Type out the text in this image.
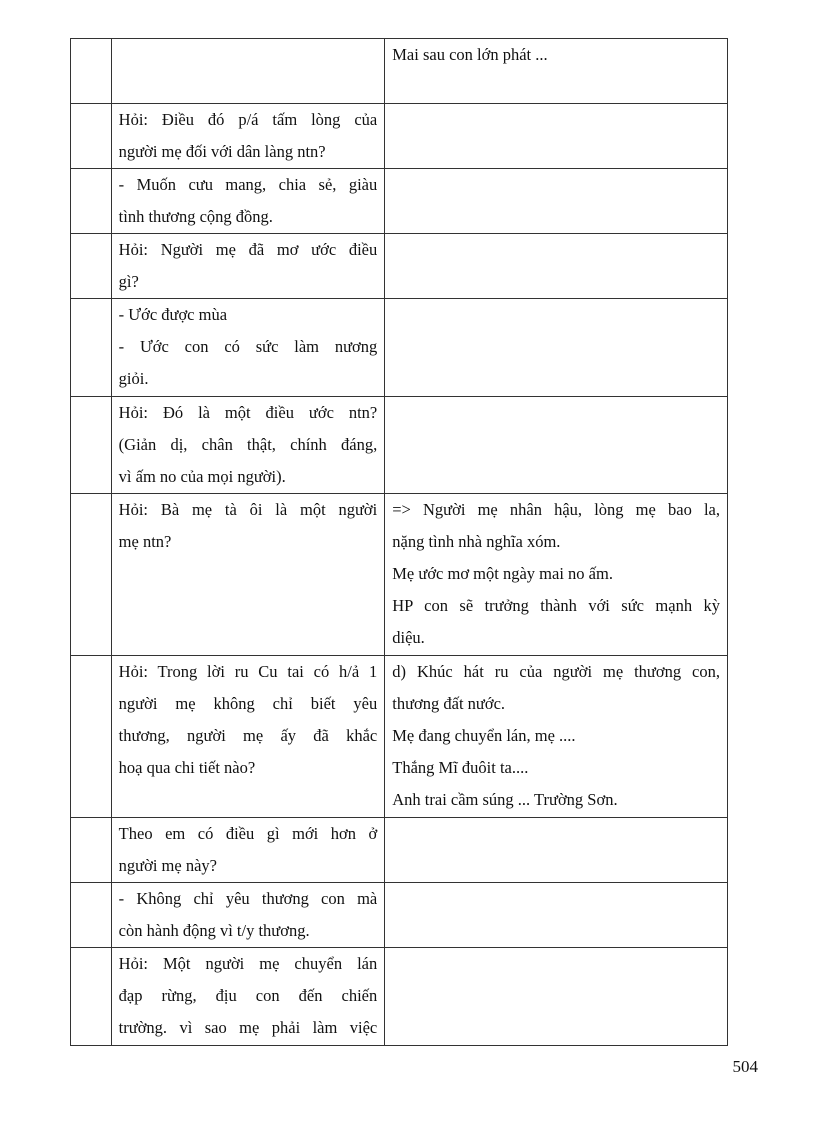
		Mai sau con lớn phát ...

	Hỏi: Điều đó p/á tấm lòng của
người mẹ đối với dân làng ntn?	

	- Muốn cưu mang, chia sẻ, giàu
tình thương cộng đồng.	

	Hỏi: Người mẹ đã mơ ước điều
gì?	

	- Ước được mùa
- Ước con có sức làm nương
giỏi.	

	Hỏi: Đó là một điều ước ntn?
(Giản dị, chân thật, chính đáng,
vì ấm no của mọi người).	

	Hỏi: Bà mẹ tà ôi là một người
mẹ ntn?	=> Người mẹ nhân hậu, lòng mẹ bao la,
nặng tình nhà nghĩa xóm.
Mẹ ước mơ một ngày mai no ấm.
HP con sẽ trưởng thành với sức mạnh kỳ
diệu.

	Hỏi: Trong lời ru Cu tai có h/ả 1
người mẹ không chỉ biết yêu
thương, người mẹ ấy đã khắc
hoạ qua chi tiết nào?	d) Khúc hát ru của người mẹ thương con,
thương đất nước.
Mẹ đang chuyển lán, mẹ ....
Thắng Mĩ đuôit ta....
Anh trai cầm súng ... Trường Sơn.

	Theo em có điều gì mới hơn ở
người mẹ này?	

	- Không chỉ yêu thương con mà
còn hành động vì t/y thương.	

	Hỏi: Một người mẹ chuyển lán
đạp rừng, địu con đến chiến
trường. vì sao mẹ phải làm việc	

504
